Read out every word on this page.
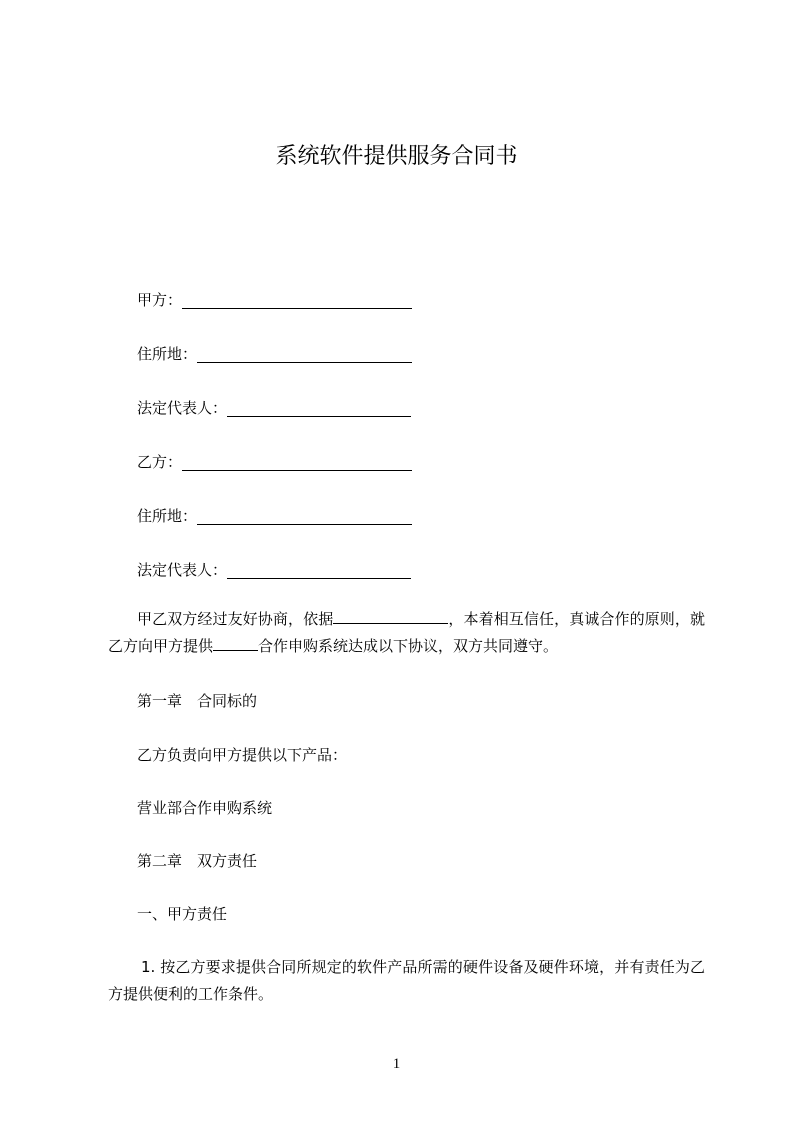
系统软件提供服务合同书
甲方：
住所地：
法定代表人：
乙方：
住所地：
法定代表人：
甲乙双方经过友好协商，依据	，本着相互信任，真诚合作的原则，就乙方向甲方提供	合作申购系统达成以下协议，双方共同遵守。
第一章　合同标的
乙方负责向甲方提供以下产品：
营业部合作申购系统
第二章　双方责任
一、甲方责任
1. 按乙方要求提供合同所规定的软件产品所需的硬件设备及硬件环境，并有责任为乙方提供便利的工作条件。
1
